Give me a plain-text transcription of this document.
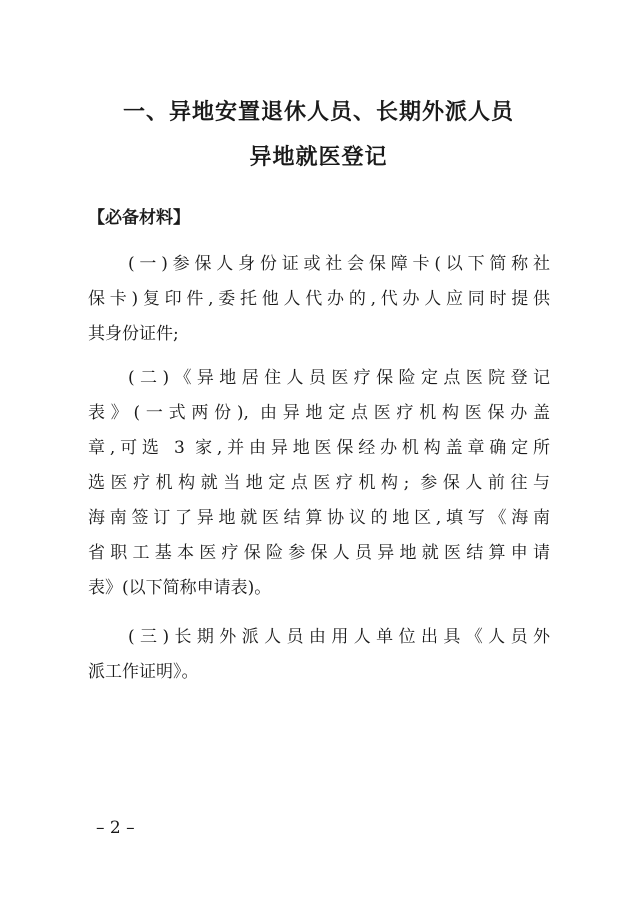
一、异地安置退休人员、长期外派人员
异地就医登记
【必备材料】

(一)参保人身份证或社会保障卡(以下简称社
保卡)复印件,委托他人代办的,代办人应同时提供
其身份证件;

(二)《异地居住人员医疗保险定点医院登记
表》(一式两份), 由异地定点医疗机构医保办盖
章,可选 3 家,并由异地医保经办机构盖章确定所
选医疗机构就当地定点医疗机构; 参保人前往与
海南签订了异地就医结算协议的地区,填写《海南
省职工基本医疗保险参保人员异地就医结算申请
表》(以下简称申请表)。

(三)长期外派人员由用人单位出具《人员外
派工作证明》。

– 2 –
